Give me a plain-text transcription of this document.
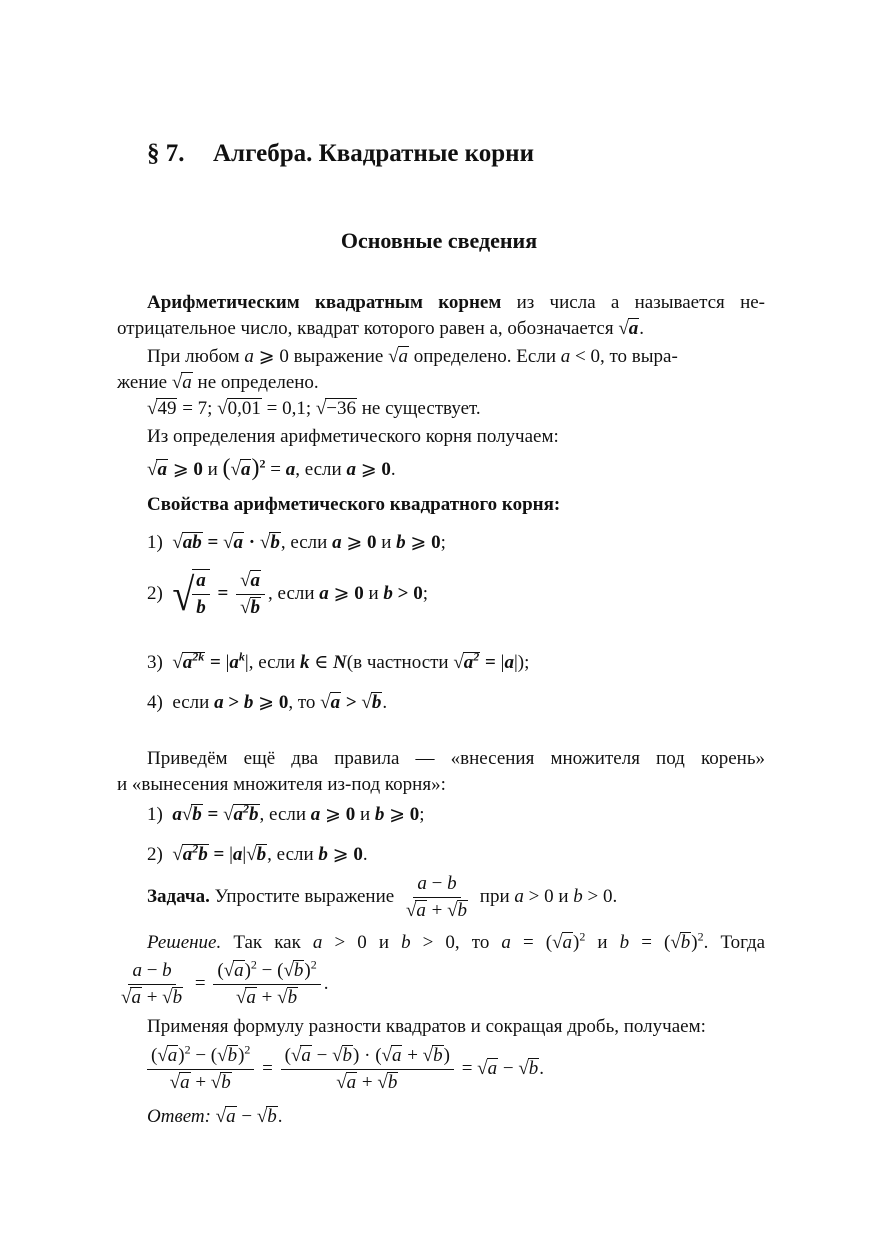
§ 7. Алгебра. Квадратные корни
Основные сведения
Арифметическим квадратным корнем из числа a называется не-
отрицательное число, квадрат которого равен a, обозначается √a.
При любом a ⩾ 0 выражение √a определено. Если a < 0, то выра-
жение √a не определено.
√49 = 7; √0,01 = 0,1; √−36 не существует.
Из определения арифметического корня получаем:
√a ⩾ 0 и $(√a)^2 = a$, если a ⩾ 0.
Свойства арифметического квадратного корня:
1)  √ab = √a · √b, если a ⩾ 0 и b ⩾ 0;
2)  √
$\frac{a}{b} = \frac{√a}{√b}$ , если a ⩾ 0 и b > 0;
3)  $√a^{2k} = |a^k|$, если k ∈ N(в частности $√a^2 = |a|$);
4)  если a > b ⩾ 0, то √a > √b.
Приведём ещё два правила — «внесения множителя под корень»
и «вынесения множителя из-под корня»:
1)  $a√b = √a^2b$, если a ⩾ 0 и b ⩾ 0;
2)  $√a^2b = |a|√b$, если b ⩾ 0.
Задача. Упростите выражение $\frac{a - b}{√a + √b}$ при a > 0 и b > 0.
Решение. Так как a > 0 и b > 0, то $a = (√a)^2$ и $b = (√b)^2$. Тогда
$\frac{a - b}{√a + √b} = \frac{(√a)^2 - (√b)^2}{√a + √b}$ .
Применяя формулу разности квадратов и сокращая дробь, получаем:
$\frac{(√a)^2 - (√b)^2}{√a + √b} = \frac{(√a - √b) \cdot (√a + √b)}{√a + √b} = √a - √b$.
Ответ: √a − √b.
